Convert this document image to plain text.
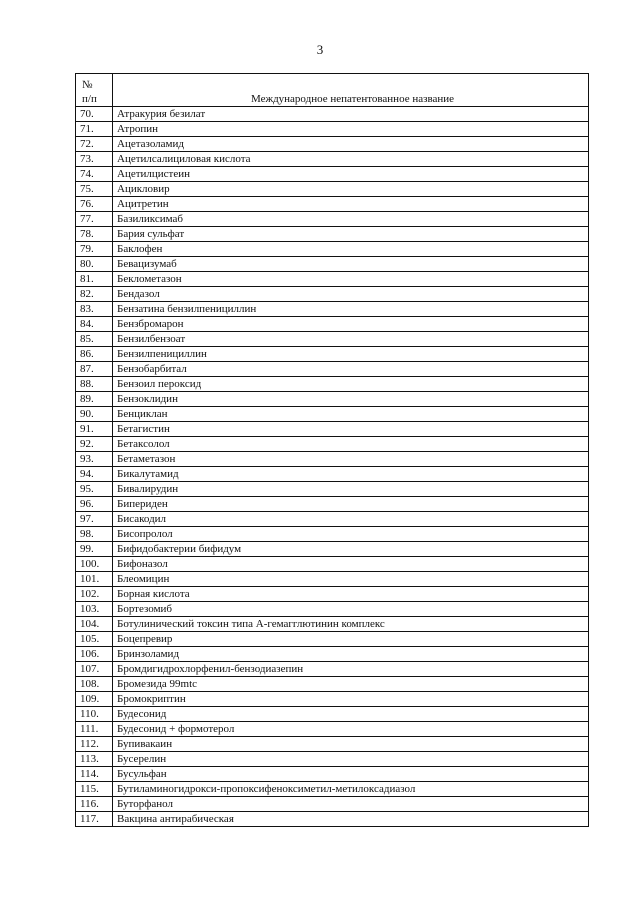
3
№
п/п	Международное непатентованное название
70.	Атракурия безилат
71.	Атропин
72.	Ацетазоламид
73.	Ацетилсалициловая кислота
74.	Ацетилцистеин
75.	Ацикловир
76.	Ацитретин
77.	Базиликсимаб
78.	Бария сульфат
79.	Баклофен
80.	Бевацизумаб
81.	Беклометазон
82.	Бендазол
83.	Бензатина бензилпенициллин
84.	Бензбромарон
85.	Бензилбензоат
86.	Бензилпенициллин
87.	Бензобарбитал
88.	Бензоил пероксид
89.	Бензоклидин
90.	Бенциклан
91.	Бетагистин
92.	Бетаксолол
93.	Бетаметазон
94.	Бикалутамид
95.	Бивалирудин
96.	Бипериден
97.	Бисакодил
98.	Бисопролол
99.	Бифидобактерии бифидум
100.	Бифоназол
101.	Блеомицин
102.	Борная кислота
103.	Бортезомиб
104.	Ботулинический токсин типа А-гемагглютинин комплекс
105.	Боцепревир
106.	Бринзоламид
107.	Бромдигидрохлорфенил-бензодиазепин
108.	Бромезида 99mtc
109.	Бромокриптин
110.	Будесонид
111.	Будесонид + формотерол
112.	Бупивакаин
113.	Бусерелин
114.	Бусульфан
115.	Бутиламиногидрокси-пропоксифеноксиметил-метилоксадиазол
116.	Буторфанол
117.	Вакцина антирабическая
